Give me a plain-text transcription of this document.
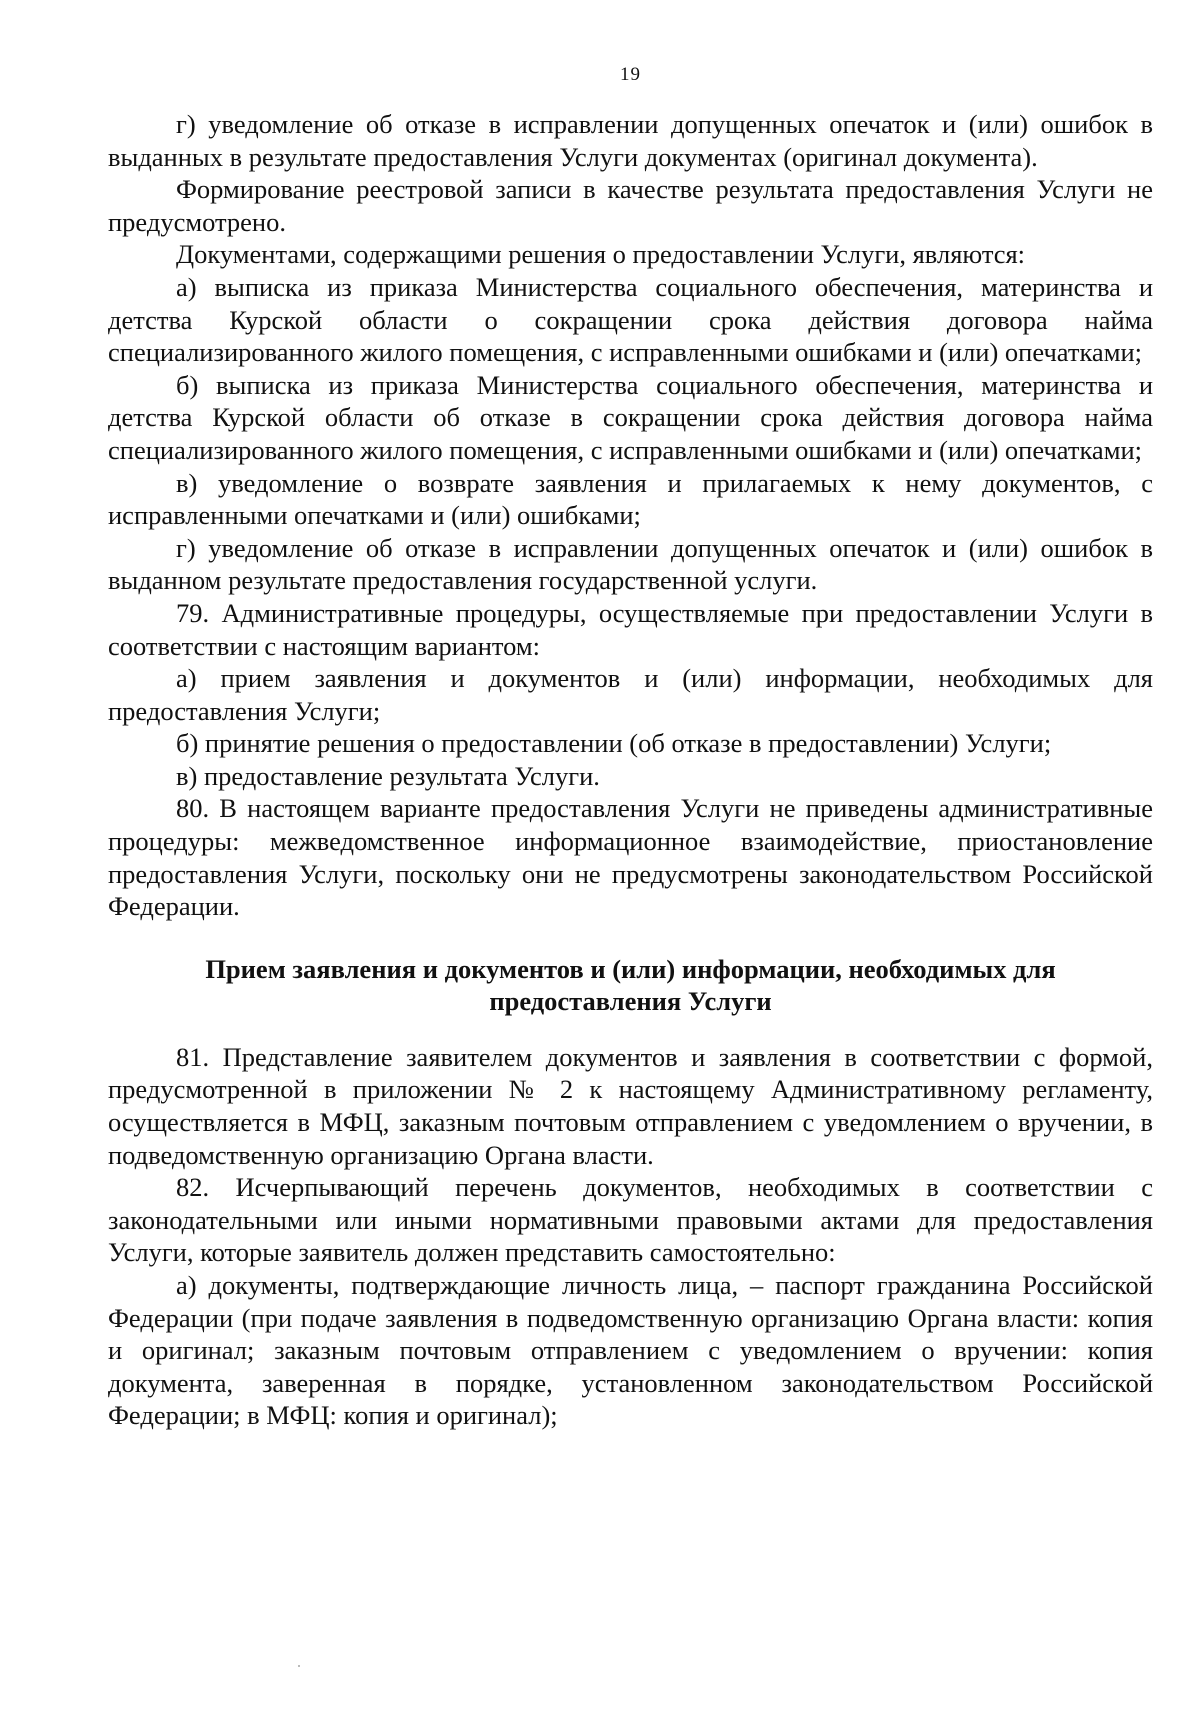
19

г) уведомление об отказе в исправлении допущенных опечаток и (или) ошибок в выданных в результате предоставления Услуги документах (оригинал документа).

Формирование реестровой записи в качестве результата предоставления Услуги не предусмотрено.

Документами, содержащими решения о предоставлении Услуги, являются:

а) выписка из приказа Министерства социального обеспечения, материнства и детства Курской области о сокращении срока действия договора найма специализированного жилого помещения, с исправленными ошибками и (или) опечатками;

б) выписка из приказа Министерства социального обеспечения, материнства и детства Курской области об отказе в сокращении срока действия договора найма специализированного жилого помещения, с исправленными ошибками и (или) опечатками;

в) уведомление о возврате заявления и прилагаемых к нему документов, с исправленными опечатками и (или) ошибками;

г) уведомление об отказе в исправлении допущенных опечаток и (или) ошибок в выданном результате предоставления государственной услуги.

79. Административные процедуры, осуществляемые при предоставлении Услуги в соответствии с настоящим вариантом:

а) прием заявления и документов и (или) информации, необходимых для предоставления Услуги;

б) принятие решения о предоставлении (об отказе в предоставлении) Услуги;

в) предоставление результата Услуги.

80. В настоящем варианте предоставления Услуги не приведены административные процедуры: межведомственное информационное взаимодействие, приостановление предоставления Услуги, поскольку они не предусмотрены законодательством Российской Федерации.

Прием заявления и документов и (или) информации, необходимых для
предоставления Услуги

81. Представление заявителем документов и заявления в соответствии с формой, предусмотренной в приложении № 2 к настоящему Административному регламенту, осуществляется в МФЦ, заказным почтовым отправлением с уведомлением о вручении, в подведомственную организацию Органа власти.

82. Исчерпывающий перечень документов, необходимых в соответствии с законодательными или иными нормативными правовыми актами для предоставления Услуги, которые заявитель должен представить самостоятельно:

а) документы, подтверждающие личность лица, – паспорт гражданина Российской Федерации (при подаче заявления в подведомственную организацию Органа власти: копия и оригинал; заказным почтовым отправлением с уведомлением о вручении: копия документа, заверенная в порядке, установленном законодательством Российской Федерации; в МФЦ: копия и оригинал);
